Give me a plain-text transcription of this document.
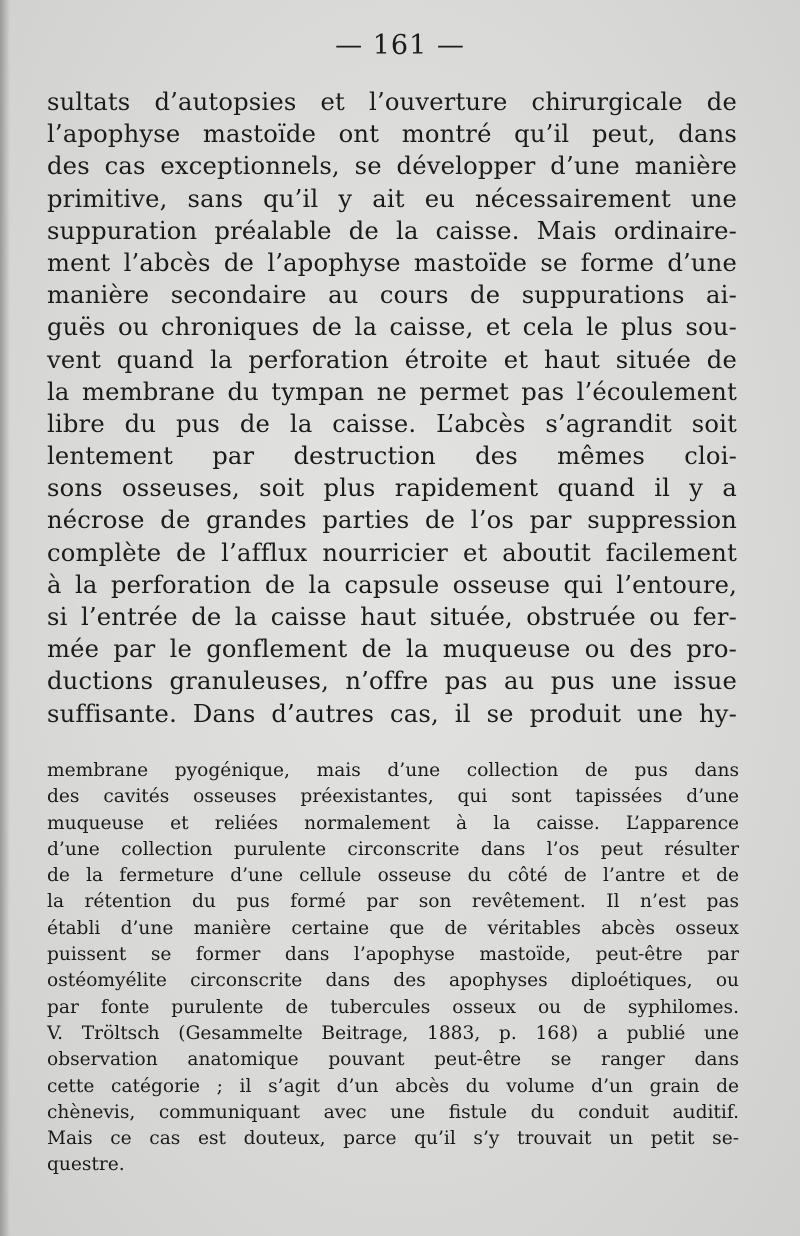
— 161 —
sultats d’autopsies et l’ouverture chirurgicale de
l’apophyse mastoïde ont montré qu’il peut, dans
des cas exceptionnels, se développer d’une manière
primitive, sans qu’il y ait eu nécessairement une
suppuration préalable de la caisse. Mais ordinaire-
ment l’abcès de l’apophyse mastoïde se forme d’une
manière secondaire au cours de suppurations ai-
guës ou chroniques de la caisse, et cela le plus sou-
vent quand la perforation étroite et haut située de
la membrane du tympan ne permet pas l’écoulement
libre du pus de la caisse. L’abcès s’agrandit soit
lentement par destruction des mêmes cloi-
sons osseuses, soit plus rapidement quand il y a
nécrose de grandes parties de l’os par suppression
complète de l’afflux nourricier et aboutit facilement
à la perforation de la capsule osseuse qui l’entoure,
si l’entrée de la caisse haut située, obstruée ou fer-
mée par le gonflement de la muqueuse ou des pro-
ductions granuleuses, n’offre pas au pus une issue
suffisante. Dans d’autres cas, il se produit une hy-
membrane pyogénique, mais d’une collection de pus dans
des cavités osseuses préexistantes, qui sont tapissées d’une
muqueuse et reliées normalement à la caisse. L’apparence
d’une collection purulente circonscrite dans l’os peut résulter
de la fermeture d’une cellule osseuse du côté de l’antre et de
la rétention du pus formé par son revêtement. Il n’est pas
établi d’une manière certaine que de véritables abcès osseux
puissent se former dans l’apophyse mastoïde, peut-être par
ostéomyélite circonscrite dans des apophyses diploétiques, ou
par fonte purulente de tubercules osseux ou de syphilomes.
V. Tröltsch (Gesammelte Beitrage, 1883, p. 168) a publié une
observation anatomique pouvant peut-être se ranger dans
cette catégorie ; il s’agit d’un abcès du volume d’un grain de
chènevis, communiquant avec une fistule du conduit auditif.
Mais ce cas est douteux, parce qu’il s’y trouvait un petit se-
questre.
